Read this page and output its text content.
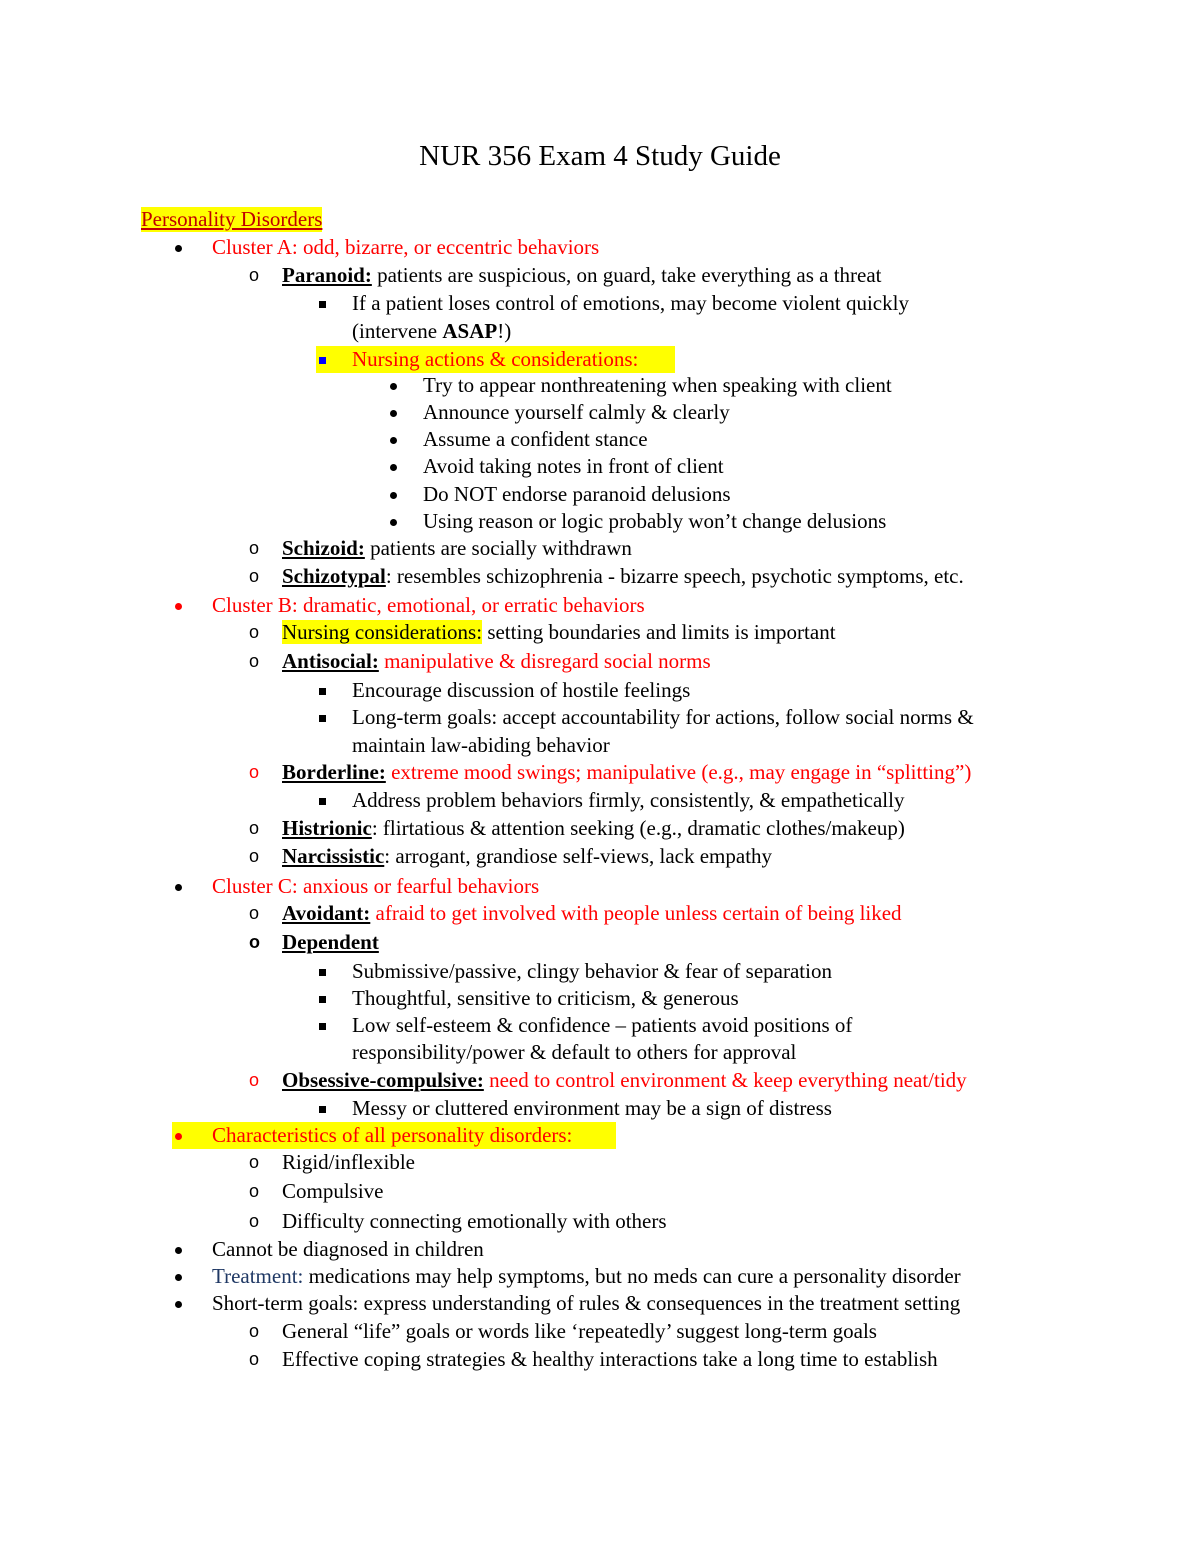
NUR 356 Exam 4 Study Guide
Personality Disorders
Cluster A: odd, bizarre, or eccentric behaviors
o Paranoid: patients are suspicious, on guard, take everything as a threat
If a patient loses control of emotions, may become violent quickly
(intervene ASAP!)
Nursing actions & considerations:
Try to appear nonthreatening when speaking with client
Announce yourself calmly & clearly
Assume a confident stance
Avoid taking notes in front of client
Do NOT endorse paranoid delusions
Using reason or logic probably won’t change delusions
o Schizoid: patients are socially withdrawn
o Schizotypal: resembles schizophrenia - bizarre speech, psychotic symptoms, etc.
Cluster B: dramatic, emotional, or erratic behaviors
o Nursing considerations: setting boundaries and limits is important
o Antisocial: manipulative & disregard social norms
Encourage discussion of hostile feelings
Long-term goals: accept accountability for actions, follow social norms &
maintain law-abiding behavior
o Borderline: extreme mood swings; manipulative (e.g., may engage in “splitting”)
Address problem behaviors firmly, consistently, & empathetically
o Histrionic: flirtatious & attention seeking (e.g., dramatic clothes/makeup)
o Narcissistic: arrogant, grandiose self-views, lack empathy
Cluster C: anxious or fearful behaviors
o Avoidant: afraid to get involved with people unless certain of being liked
o Dependent
Submissive/passive, clingy behavior & fear of separation
Thoughtful, sensitive to criticism, & generous
Low self-esteem & confidence – patients avoid positions of
responsibility/power & default to others for approval
o Obsessive-compulsive: need to control environment & keep everything neat/tidy
Messy or cluttered environment may be a sign of distress
Characteristics of all personality disorders:
o Rigid/inflexible
o Compulsive
o Difficulty connecting emotionally with others
Cannot be diagnosed in children
Treatment: medications may help symptoms, but no meds can cure a personality disorder
Short-term goals: express understanding of rules & consequences in the treatment setting
o General “life” goals or words like ‘repeatedly’ suggest long-term goals
o Effective coping strategies & healthy interactions take a long time to establish
